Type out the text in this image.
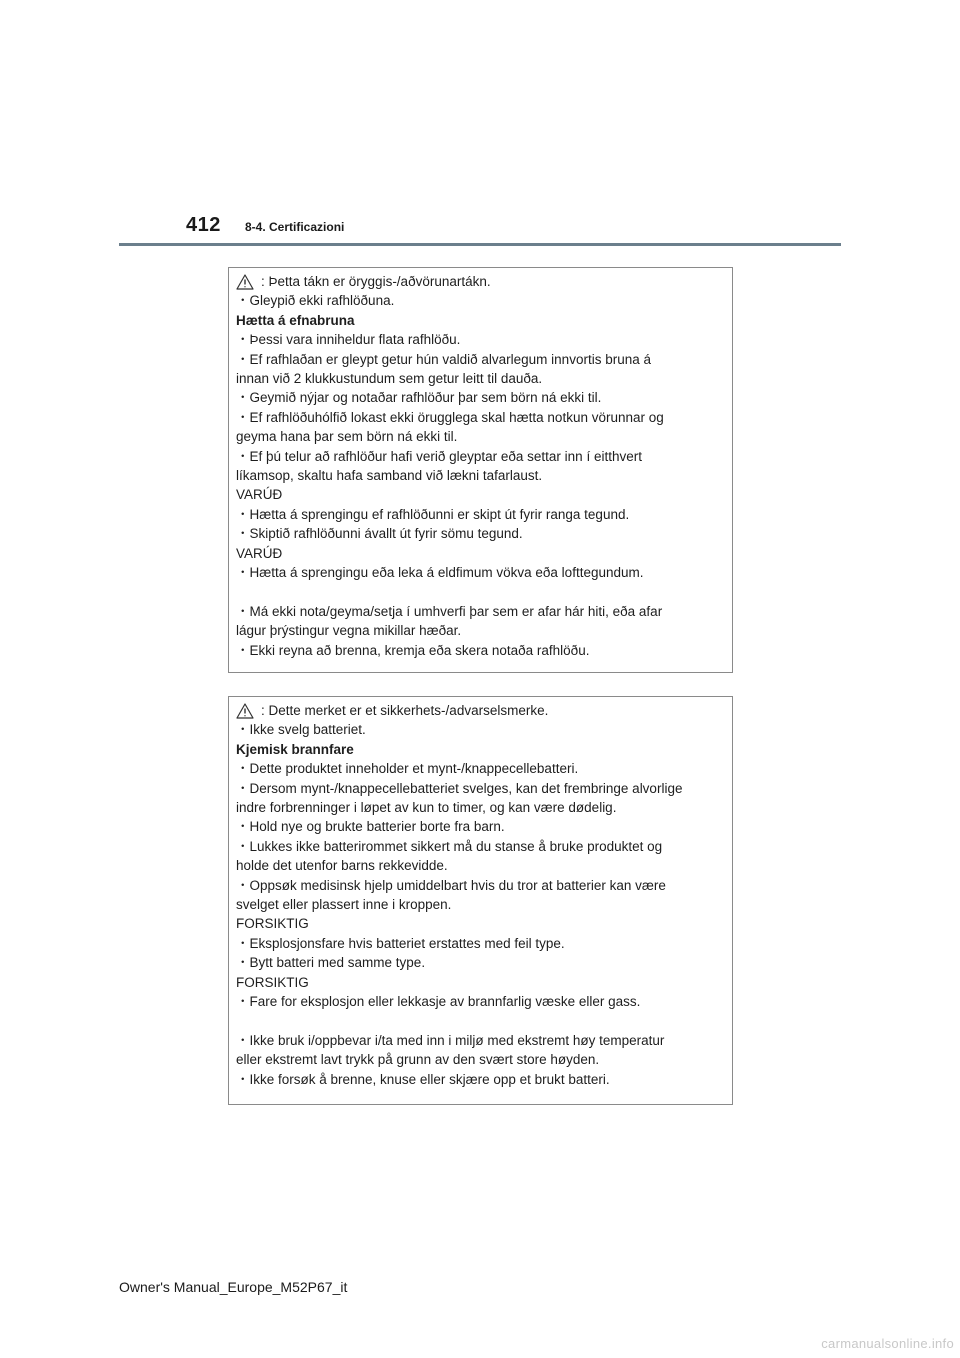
412 8-4. Certificazioni
: Þetta tákn er öryggis-/aðvörunartákn.
・Gleypið ekki rafhlöðuna.
Hætta á efnabruna
・Þessi vara inniheldur flata rafhlöðu.
・Ef rafhlaðan er gleypt getur hún valdið alvarlegum innvortis bruna á
innan við 2 klukkustundum sem getur leitt til dauða.
・Geymið nýjar og notaðar rafhlöður þar sem börn ná ekki til.
・Ef rafhlöðuhólfið lokast ekki örugglega skal hætta notkun vörunnar og
geyma hana þar sem börn ná ekki til.
・Ef þú telur að rafhlöður hafi verið gleyptar eða settar inn í eitthvert
líkamsop, skaltu hafa samband við lækni tafarlaust.
VARÚÐ
・Hætta á sprengingu ef rafhlöðunni er skipt út fyrir ranga tegund.
・Skiptið rafhlöðunni ávallt út fyrir sömu tegund.
VARÚÐ
・Hætta á sprengingu eða leka á eldfimum vökva eða lofttegundum.
・Má ekki nota/geyma/setja í umhverfi þar sem er afar hár hiti, eða afar
lágur þrýstingur vegna mikillar hæðar.
・Ekki reyna að brenna, kremja eða skera notaða rafhlöðu.
: Dette merket er et sikkerhets-/advarselsmerke.
・Ikke svelg batteriet.
Kjemisk brannfare
・Dette produktet inneholder et mynt-/knappecellebatteri.
・Dersom mynt-/knappecellebatteriet svelges, kan det frembringe alvorlige
indre forbrenninger i løpet av kun to timer, og kan være dødelig.
・Hold nye og brukte batterier borte fra barn.
・Lukkes ikke batterirommet sikkert må du stanse å bruke produktet og
holde det utenfor barns rekkevidde.
・Oppsøk medisinsk hjelp umiddelbart hvis du tror at batterier kan være
svelget eller plassert inne i kroppen.
FORSIKTIG
・Eksplosjonsfare hvis batteriet erstattes med feil type.
・Bytt batteri med samme type.
FORSIKTIG
・Fare for eksplosjon eller lekkasje av brannfarlig væske eller gass.
・Ikke bruk i/oppbevar i/ta med inn i miljø med ekstremt høy temperatur
eller ekstremt lavt trykk på grunn av den svært store høyden.
・Ikke forsøk å brenne, knuse eller skjære opp et brukt batteri.
Owner's Manual_Europe_M52P67_it
carmanualsonline.info
